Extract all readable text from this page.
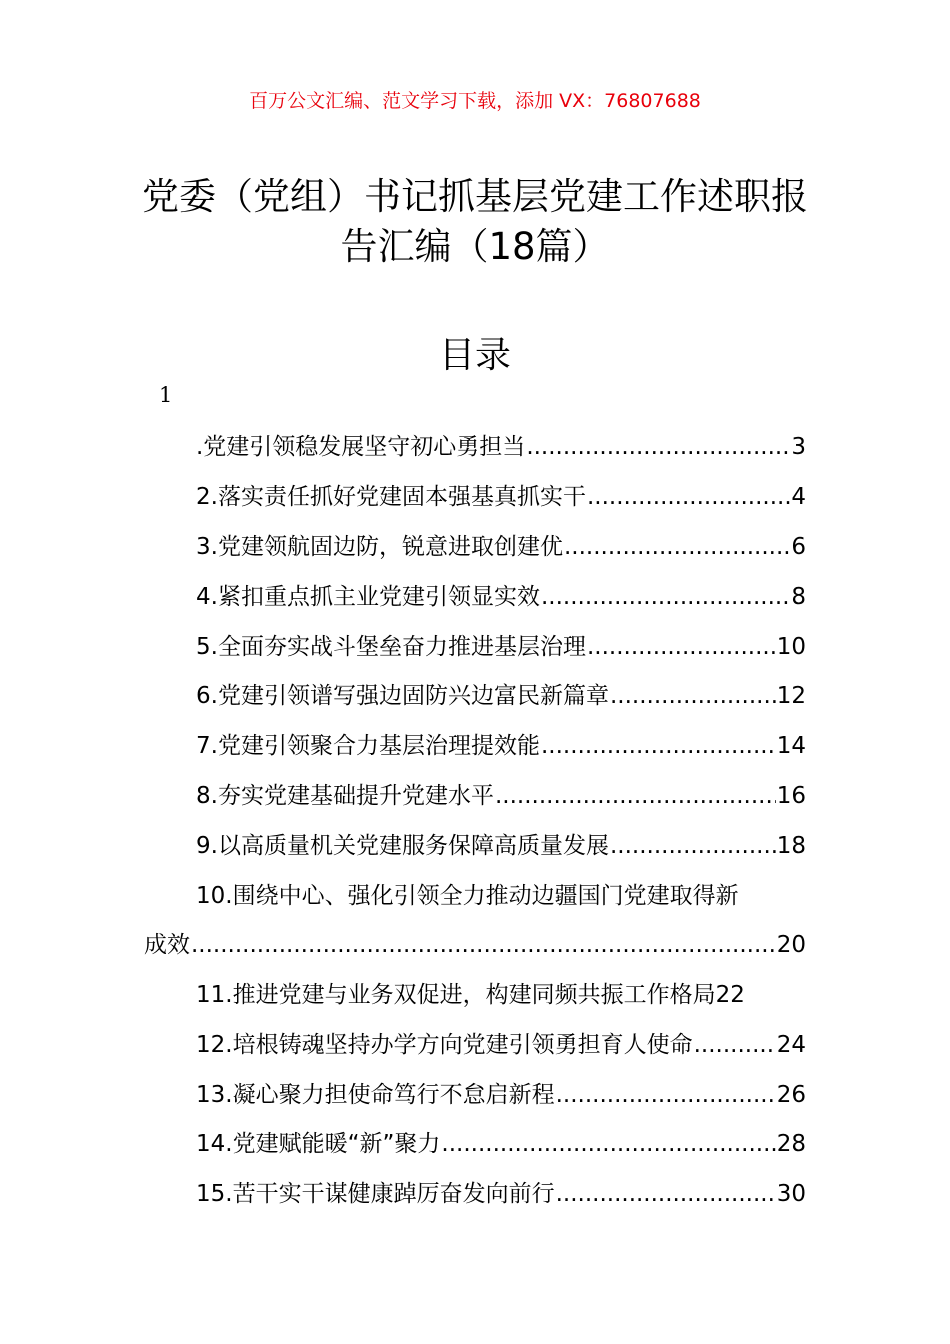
百万公文汇编、范文学习下载，添加 VX：76807688
党委（党组）书记抓基层党建工作述职报
告汇编（18篇）
目录
1
.党建引领稳发展坚守初心勇担当 .....	3
2.落实责任抓好党建固本强基真抓实干 .....	4
3.党建领航固边防，锐意进取创建优 .....	6
4.紧扣重点抓主业党建引领显实效 .....	8
5.全面夯实战斗堡垒奋力推进基层治理 .....	10
6.党建引领谱写强边固防兴边富民新篇章 .....	12
7.党建引领聚合力基层治理提效能 .....	14
8.夯实党建基础提升党建水平 .....	16
9.以高质量机关党建服务保障高质量发展 .....	18
10.围绕中心、强化引领全力推动边疆国门党建取得新
成效 .....	20
11.推进党建与业务双促进，构建同频共振工作格局 22
12.培根铸魂坚持办学方向党建引领勇担育人使命 .....	24
13.凝心聚力担使命笃行不怠启新程 .....	26
14.党建赋能暖“新”聚力 .....	28
15.苦干实干谋健康踔厉奋发向前行 .....	30
